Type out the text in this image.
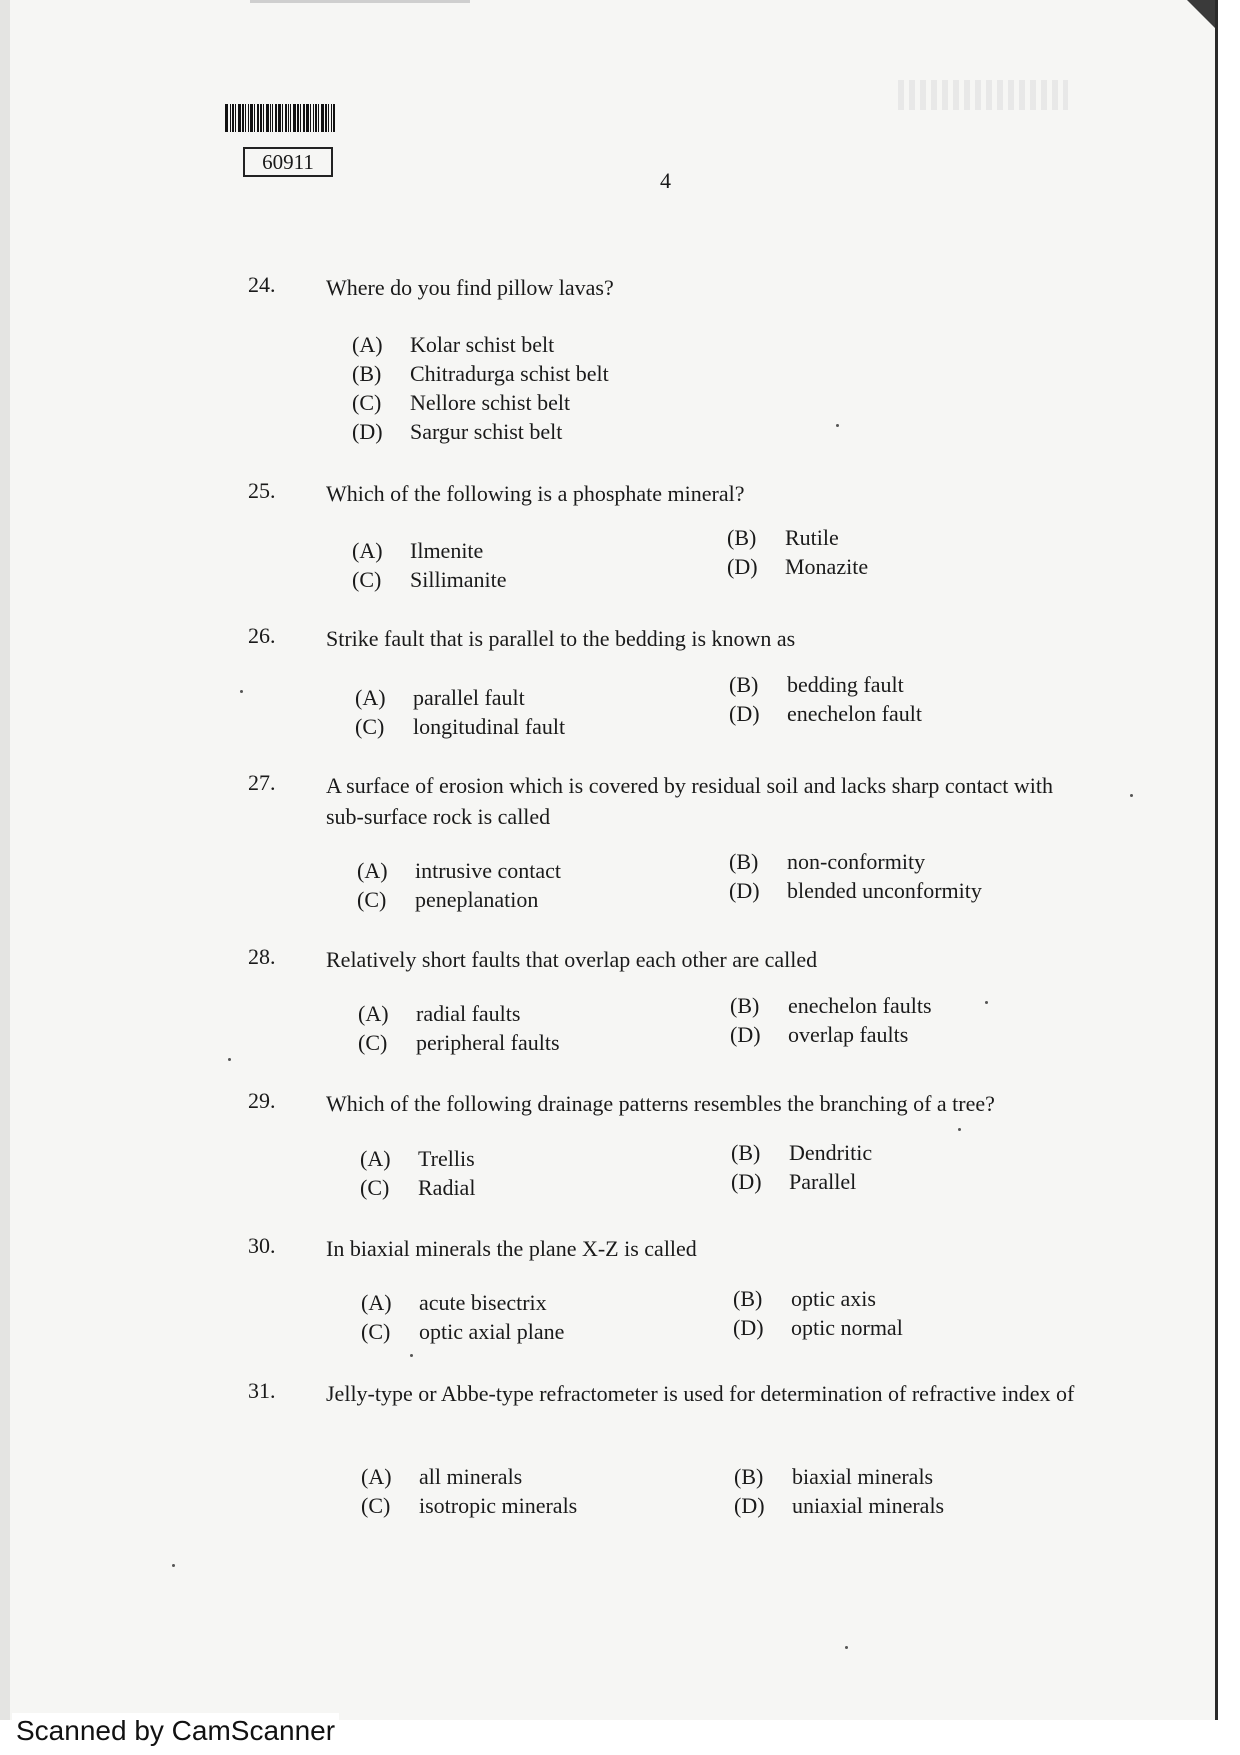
60911
4
24. Where do you find pillow lavas?
(A) Kolar schist belt
(B) Chitradurga schist belt
(C) Nellore schist belt
(D) Sargur schist belt
25. Which of the following is a phosphate mineral?
(A) Ilmenite
(B) Rutile
(C) Sillimanite
(D) Monazite
26. Strike fault that is parallel to the bedding is known as
(A) parallel fault
(B) bedding fault
(C) longitudinal fault
(D) enechelon fault
27. A surface of erosion which is covered by residual soil and lacks sharp contact with sub-surface rock is called
(A) intrusive contact	(B) non-conformity
(C) peneplanation	(D) blended unconformity
28. Relatively short faults that overlap each other are called
(A) radial faults	(B) enechelon faults
(C) peripheral faults	(D) overlap faults
29. Which of the following drainage patterns resembles the branching of a tree?
(A) Trellis	(B) Dendritic
(C) Radial	(D) Parallel
30. In biaxial minerals the plane X-Z is called
(A) acute bisectrix	(B) optic axis
(C) optic axial plane	(D) optic normal
31. Jelly-type or Abbe-type refractometer is used for determination of refractive index of
(A) all minerals	(B) biaxial minerals
(C) isotropic minerals	(D) uniaxial minerals
Scanned by CamScanner
